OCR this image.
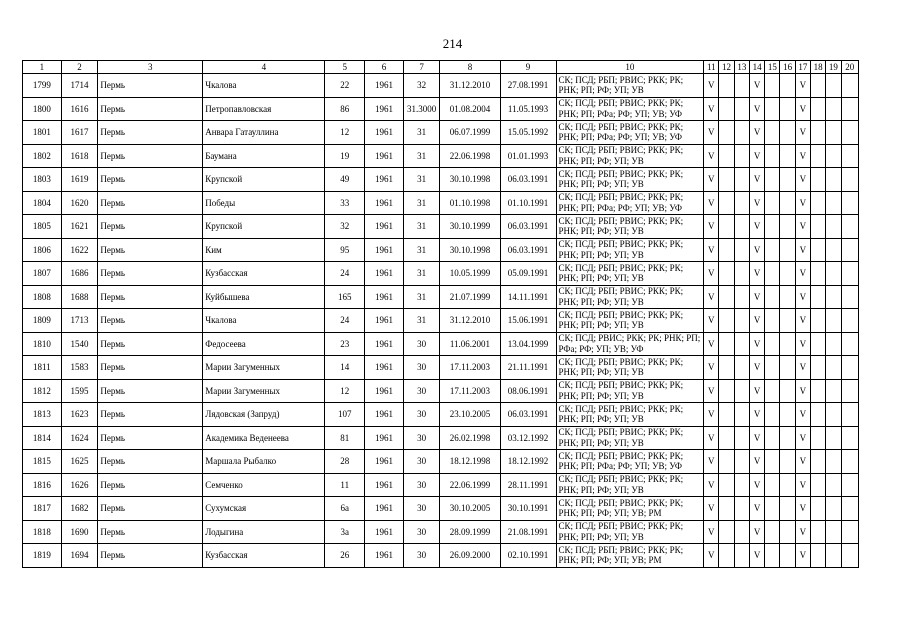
214
1	2	3	4	5	6	7	8	9	10	11	12	13	14	15	16	17	18	19	20
1799	1714	Пермь	Чкалова	22	1961	32	31.12.2010	27.08.1991	СК; ПСД; РБП; РВИС; РКК; РК; РНК; РП; РФ; УП; УВ	V			V			V			
1800	1616	Пермь	Петропавловская	86	1961	31.3000	01.08.2004	11.05.1993	СК; ПСД; РБП; РВИС; РКК; РК; РНК; РП; РФа; РФ; УП; УВ; УФ	V			V			V			
1801	1617	Пермь	Анвара Гатауллина	12	1961	31	06.07.1999	15.05.1992	СК; ПСД; РБП; РВИС; РКК; РК; РНК; РП; РФа; РФ; УП; УВ; УФ	V			V			V			
1802	1618	Пермь	Баумана	19	1961	31	22.06.1998	01.01.1993	СК; ПСД; РБП; РВИС; РКК; РК; РНК; РП; РФ; УП; УВ	V			V			V			
1803	1619	Пермь	Крупской	49	1961	31	30.10.1998	06.03.1991	СК; ПСД; РБП; РВИС; РКК; РК; РНК; РП; РФ; УП; УВ	V			V			V			
1804	1620	Пермь	Победы	33	1961	31	01.10.1998	01.10.1991	СК; ПСД; РБП; РВИС; РКК; РК; РНК; РП; РФа; РФ; УП; УВ; УФ	V			V			V			
1805	1621	Пермь	Крупской	32	1961	31	30.10.1999	06.03.1991	СК; ПСД; РБП; РВИС; РКК; РК; РНК; РП; РФ; УП; УВ	V			V			V			
1806	1622	Пермь	Ким	95	1961	31	30.10.1998	06.03.1991	СК; ПСД; РБП; РВИС; РКК; РК; РНК; РП; РФ; УП; УВ	V			V			V			
1807	1686	Пермь	Кузбасская	24	1961	31	10.05.1999	05.09.1991	СК; ПСД; РБП; РВИС; РКК; РК; РНК; РП; РФ; УП; УВ	V			V			V			
1808	1688	Пермь	Куйбышева	165	1961	31	21.07.1999	14.11.1991	СК; ПСД; РБП; РВИС; РКК; РК; РНК; РП; РФ; УП; УВ	V			V			V			
1809	1713	Пермь	Чкалова	24	1961	31	31.12.2010	15.06.1991	СК; ПСД; РБП; РВИС; РКК; РК; РНК; РП; РФ; УП; УВ	V			V			V			
1810	1540	Пермь	Федосеева	23	1961	30	11.06.2001	13.04.1999	СК; ПСД; РВИС; РКК; РК; РНК; РП; РФа; РФ; УП; УВ; УФ	V			V			V			
1811	1583	Пермь	Марии Загуменных	14	1961	30	17.11.2003	21.11.1991	СК; ПСД; РБП; РВИС; РКК; РК; РНК; РП; РФ; УП; УВ	V			V			V			
1812	1595	Пермь	Марии Загуменных	12	1961	30	17.11.2003	08.06.1991	СК; ПСД; РБП; РВИС; РКК; РК; РНК; РП; РФ; УП; УВ	V			V			V			
1813	1623	Пермь	Лядовская (Запруд)	107	1961	30	23.10.2005	06.03.1991	СК; ПСД; РБП; РВИС; РКК; РК; РНК; РП; РФ; УП; УВ	V			V			V			
1814	1624	Пермь	Академика Веденеева	81	1961	30	26.02.1998	03.12.1992	СК; ПСД; РБП; РВИС; РКК; РК; РНК; РП; РФ; УП; УВ	V			V			V			
1815	1625	Пермь	Маршала Рыбалко	28	1961	30	18.12.1998	18.12.1992	СК; ПСД; РБП; РВИС; РКК; РК; РНК; РП; РФа; РФ; УП; УВ; УФ	V			V			V			
1816	1626	Пермь	Семченко	11	1961	30	22.06.1999	28.11.1991	СК; ПСД; РБП; РВИС; РКК; РК; РНК; РП; РФ; УП; УВ	V			V			V			
1817	1682	Пермь	Сухумская	6а	1961	30	30.10.2005	30.10.1991	СК; ПСД; РБП; РВИС; РКК; РК; РНК; РП; РФ; УП; УВ; РМ	V			V			V			
1818	1690	Пермь	Лодыгина	3а	1961	30	28.09.1999	21.08.1991	СК; ПСД; РБП; РВИС; РКК; РК; РНК; РП; РФ; УП; УВ	V			V			V			
1819	1694	Пермь	Кузбасская	26	1961	30	26.09.2000	02.10.1991	СК; ПСД; РБП; РВИС; РКК; РК; РНК; РП; РФ; УП; УВ; РМ	V			V			V			
